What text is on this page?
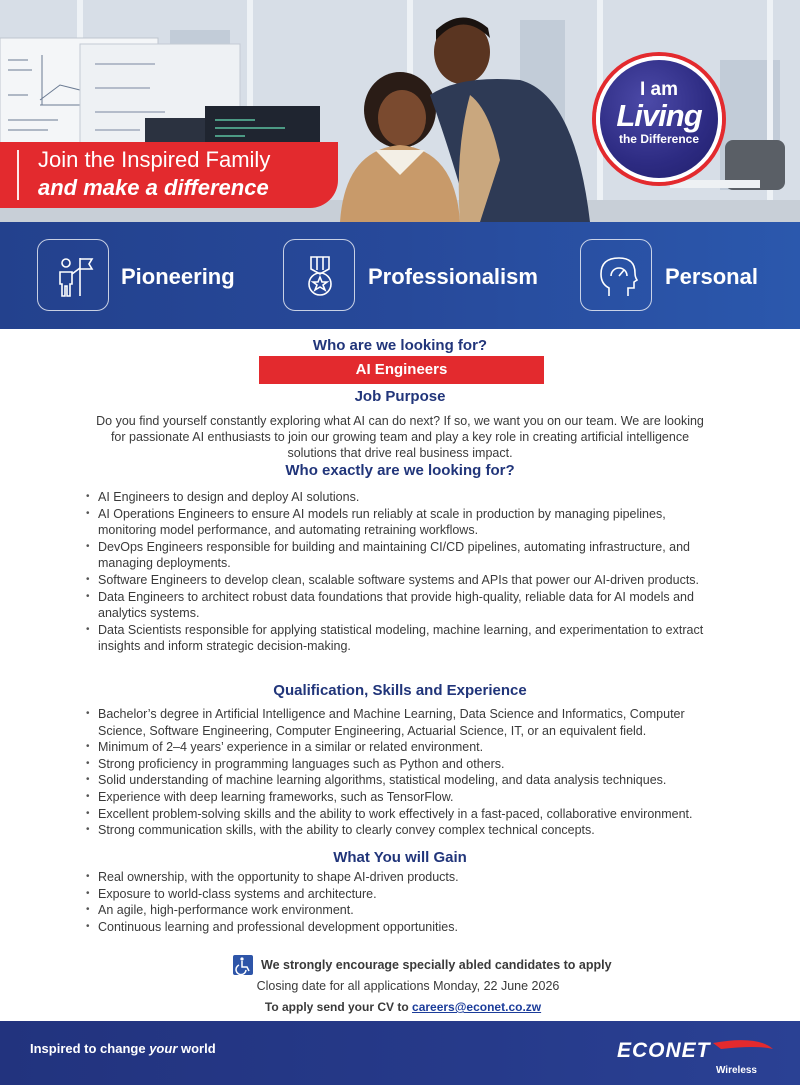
Join the Inspired Family
and make a difference
I am
Living
the Difference
Pioneering	Professionalism	Personal
Who are we looking for?
AI Engineers
Job Purpose
Do you find yourself constantly exploring what AI can do next? If so, we want you on our team. We are looking for passionate AI enthusiasts to join our growing team and play a key role in creating artificial intelligence solutions that drive real business impact.
Who exactly are we looking for?
• AI Engineers to design and deploy AI solutions.
• AI Operations Engineers to ensure AI models run reliably at scale in production by managing pipelines, monitoring model performance, and automating retraining workflows.
• DevOps Engineers responsible for building and maintaining CI/CD pipelines, automating infrastructure, and managing deployments.
• Software Engineers to develop clean, scalable software systems and APIs that power our AI-driven products.
• Data Engineers to architect robust data foundations that provide high-quality, reliable data for AI models and analytics systems.
• Data Scientists responsible for applying statistical modeling, machine learning, and experimentation to extract insights and inform strategic decision-making.
Qualification, Skills and Experience
• Bachelor’s degree in Artificial Intelligence and Machine Learning, Data Science and Informatics, Computer Science, Software Engineering, Computer Engineering, Actuarial Science, IT, or an equivalent field.
• Minimum of 2–4 years’ experience in a similar or related environment.
• Strong proficiency in programming languages such as Python and others.
• Solid understanding of machine learning algorithms, statistical modeling, and data analysis techniques.
• Experience with deep learning frameworks, such as TensorFlow.
• Excellent problem-solving skills and the ability to work effectively in a fast-paced, collaborative environment.
• Strong communication skills, with the ability to clearly convey complex technical concepts.
What You will Gain
• Real ownership, with the opportunity to shape AI-driven products.
• Exposure to world-class systems and architecture.
• An agile, high-performance work environment.
• Continuous learning and professional development opportunities.
We strongly encourage specially abled candidates to apply
Closing date for all applications Monday, 22 June 2026
To apply send your CV to careers@econet.co.zw
Inspired to change your world	ECONET
Wireless
